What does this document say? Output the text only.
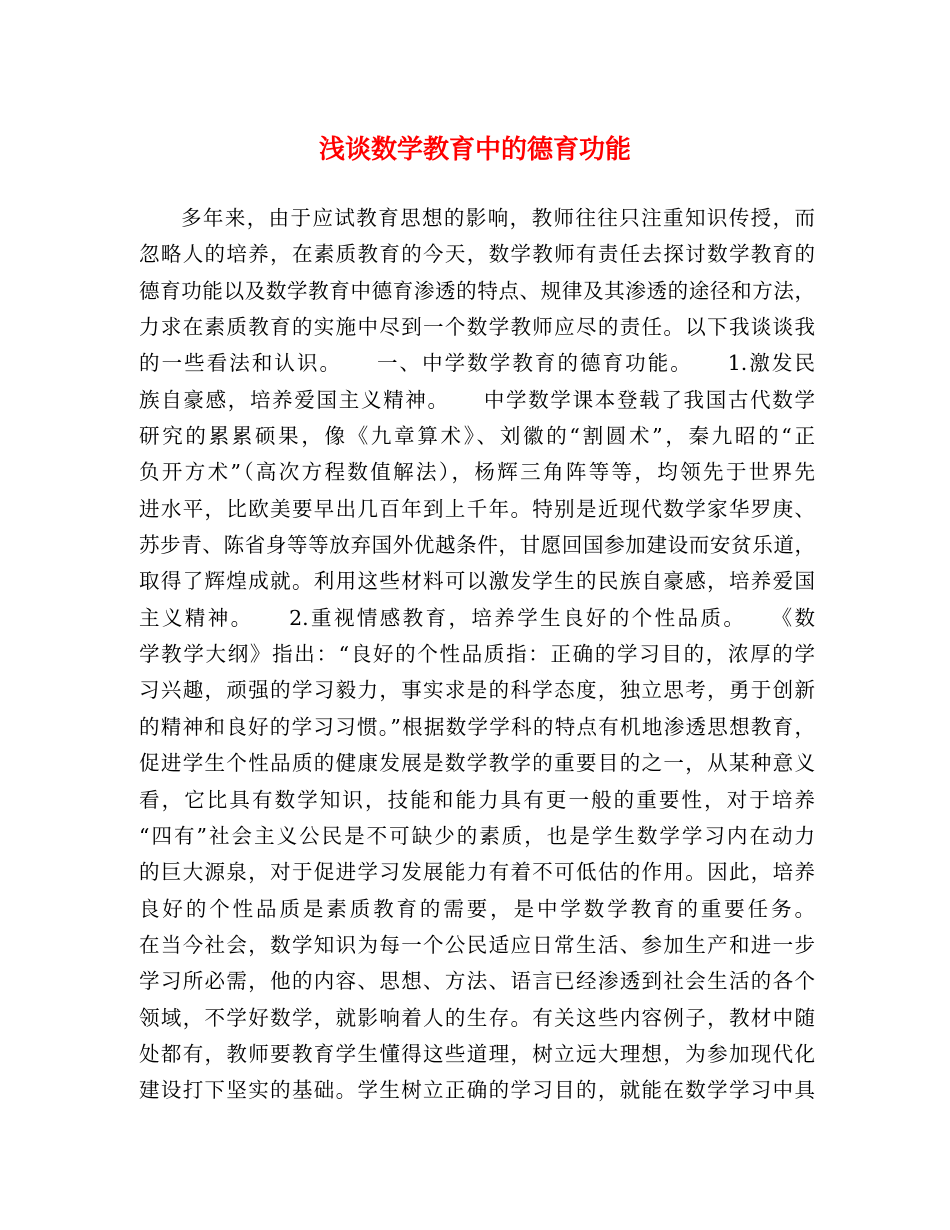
浅谈数学教育中的德育功能
多年来，由于应试教育思想的影响，教师往往只注重知识传授，而
忽略人的培养，在素质教育的今天，数学教师有责任去探讨数学教育的
德育功能以及数学教育中德育渗透的特点、规律及其渗透的途径和方法，
力求在素质教育的实施中尽到一个数学教师应尽的责任。以下我谈谈我
的一些看法和认识。　　一、中学数学教育的德育功能。　　1.激发民
族自豪感，培养爱国主义精神。　　中学数学课本登载了我国古代数学
研究的累累硕果，像《九章算术》、刘徽的“割圆术”，秦九昭的“正
负开方术”（高次方程数值解法），杨辉三角阵等等，均领先于世界先
进水平，比欧美要早出几百年到上千年。特别是近现代数学家华罗庚、
苏步青、陈省身等等放弃国外优越条件，甘愿回国参加建设而安贫乐道，
取得了辉煌成就。利用这些材料可以激发学生的民族自豪感，培养爱国
主义精神。　　2.重视情感教育，培养学生良好的个性品质。　　《数
学教学大纲》指出：“良好的个性品质指：正确的学习目的，浓厚的学
习兴趣，顽强的学习毅力，事实求是的科学态度，独立思考，勇于创新
的精神和良好的学习习惯。”根据数学学科的特点有机地渗透思想教育，
促进学生个性品质的健康发展是数学教学的重要目的之一，从某种意义
看，它比具有数学知识，技能和能力具有更一般的重要性，对于培养
“四有”社会主义公民是不可缺少的素质，也是学生数学学习内在动力
的巨大源泉，对于促进学习发展能力有着不可低估的作用。因此，培养
良好的个性品质是素质教育的需要，是中学数学教育的重要任务。
在当今社会，数学知识为每一个公民适应日常生活、参加生产和进一步
学习所必需，他的内容、思想、方法、语言已经渗透到社会生活的各个
领域，不学好数学，就影响着人的生存。有关这些内容例子，教材中随
处都有，教师要教育学生懂得这些道理，树立远大理想，为参加现代化
建设打下坚实的基础。学生树立正确的学习目的，就能在数学学习中具
